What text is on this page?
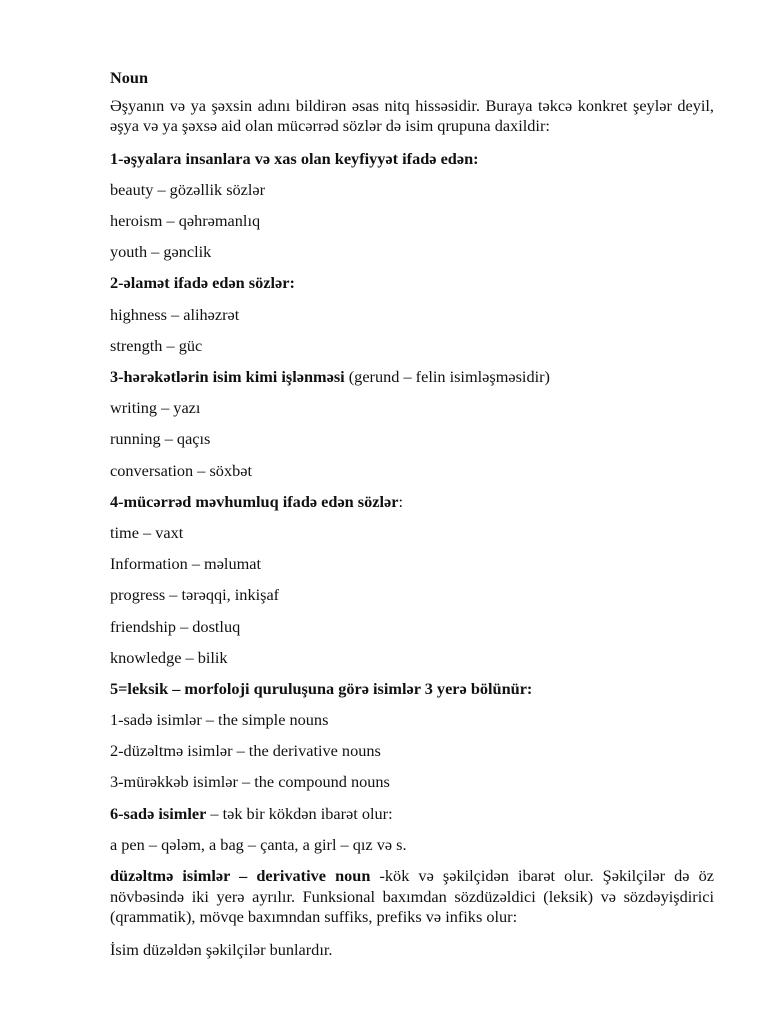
Noun
Əşyanın və ya şəxsin adını bildirən əsas nitq hissəsidir. Buraya təkcə konkret şeylər deyil, əşya və ya şəxsə aid olan mücərrəd sözlər də isim qrupuna daxildir:
1-əşyalara insanlara və xas olan keyfiyyət ifadə edən:
beauty – gözəllik sözlər
heroism – qəhrəmanlıq
youth – gənclik
2-əlamət ifadə edən sözlər:
highness – alihəzrət
strength – güc
3-hərəkətlərin isim kimi işlənməsi (gerund – felin isimləşməsidir)
writing – yazı
running – qaçıs
conversation – söxbət
4-mücərrəd məvhumluq ifadə edən sözlər:
time – vaxt
Information – məlumat
progress – tərəqqi, inkişaf
friendship – dostluq
knowledge – bilik
5=leksik – morfoloji quruluşuna görə isimlər 3 yerə bölünür:
1-sadə isimlər – the simple nouns
2-düzəltmə isimlər – the derivative nouns
3-mürəkkəb isimlər – the compound nouns
6-sadə isimler – tək bir kökdən ibarət olur:
a pen – qələm, a bag – çanta, a girl – qız və s.
düzəltmə isimlər – derivative noun -kök və şəkilçidən ibarət olur. Şəkilçilər də öz növbəsində iki yerə ayrılır. Funksional baxımdan sözdüzəldici (leksik) və sözdəyişdirici (qrammatik), mövqe baxımndan suffiks, prefiks və infiks olur:
İsim düzəldən şəkilçilər bunlardır.
